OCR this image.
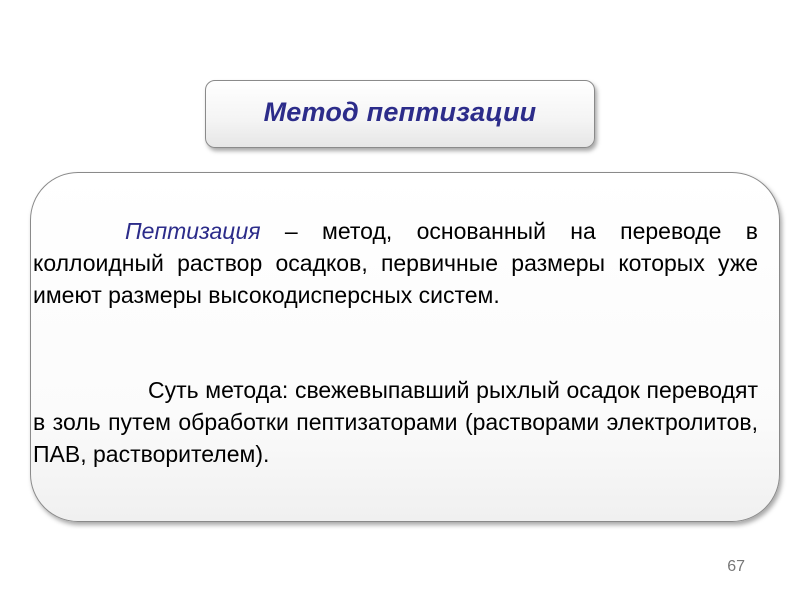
Метод пептизации

Пептизация – метод, основанный на переводе в коллоидный раствор осадков, первичные размеры которых уже имеют размеры высокодисперсных систем.

Суть метода: свежевыпавший рыхлый осадок переводят в золь путем обработки пептизаторами (растворами электролитов, ПАВ, растворителем).

67
